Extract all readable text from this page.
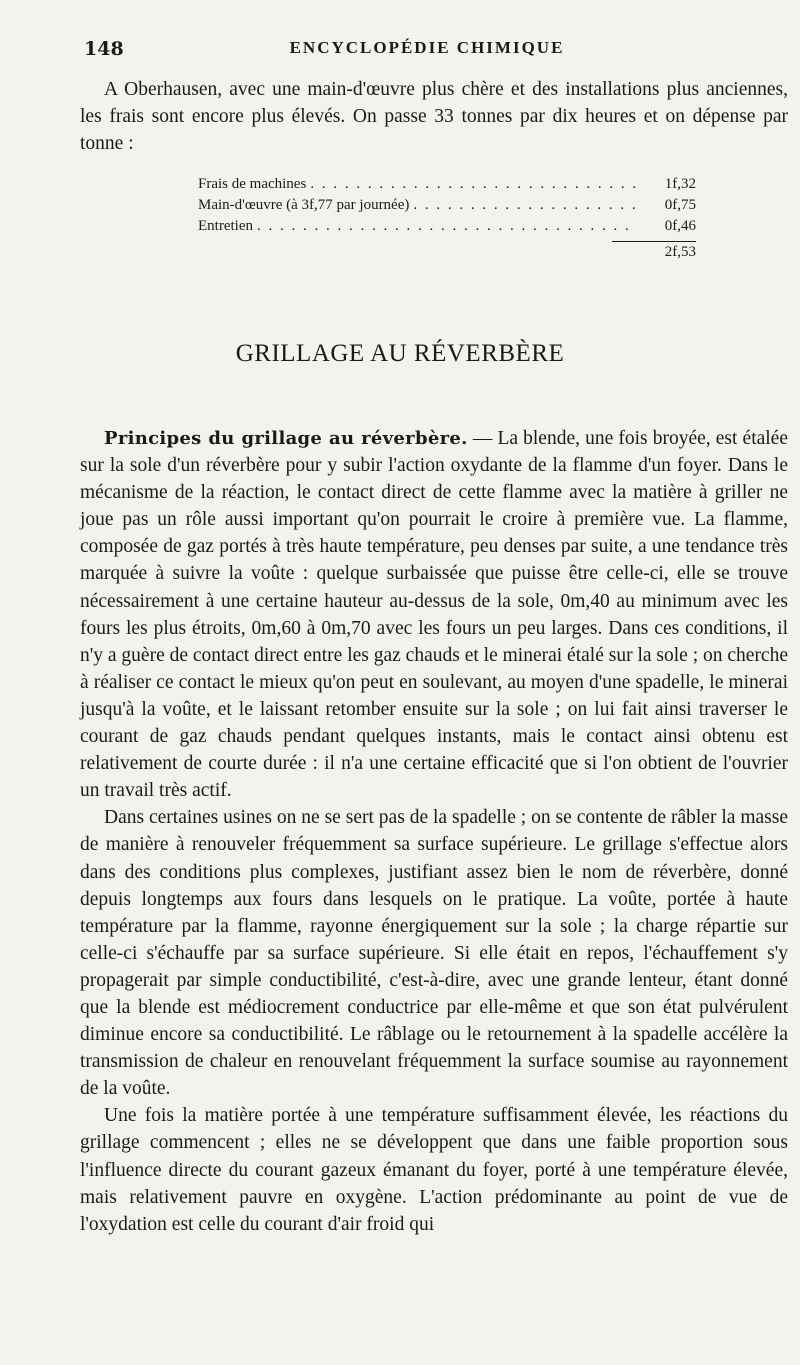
148	ENCYCLOPÉDIE CHIMIQUE

A Oberhausen, avec une main-d'œuvre plus chère et des installations plus anciennes, les frais sont encore plus élevés. On passe 33 tonnes par dix heures et on dépense par tonne :

Frais de machines . . .	1f,32
Main-d'œuvre (à 3f,77 par journée) . . .	0f,75
Entretien . . .	0f,46
2f,53
GRILLAGE AU RÉVERBÈRE

Principes du grillage au réverbère. — La blende, une fois broyée, est étalée sur la sole d'un réverbère pour y subir l'action oxydante de la flamme d'un foyer. Dans le mécanisme de la réaction, le contact direct de cette flamme avec la matière à griller ne joue pas un rôle aussi important qu'on pourrait le croire à première vue. La flamme, composée de gaz portés à très haute température, peu denses par suite, a une tendance très marquée à suivre la voûte : quelque surbaissée que puisse être celle-ci, elle se trouve nécessairement à une certaine hauteur au-dessus de la sole, 0m,40 au minimum avec les fours les plus étroits, 0m,60 à 0m,70 avec les fours un peu larges. Dans ces conditions, il n'y a guère de contact direct entre les gaz chauds et le minerai étalé sur la sole ; on cherche à réaliser ce contact le mieux qu'on peut en soulevant, au moyen d'une spadelle, le minerai jusqu'à la voûte, et le laissant retomber ensuite sur la sole ; on lui fait ainsi traverser le courant de gaz chauds pendant quelques instants, mais le contact ainsi obtenu est relativement de courte durée : il n'a une certaine efficacité que si l'on obtient de l'ouvrier un travail très actif.

Dans certaines usines on ne se sert pas de la spadelle ; on se contente de râbler la masse de manière à renouveler fréquemment sa surface supérieure. Le grillage s'effectue alors dans des conditions plus complexes, justifiant assez bien le nom de réverbère, donné depuis longtemps aux fours dans lesquels on le pratique. La voûte, portée à haute température par la flamme, rayonne énergiquement sur la sole ; la charge répartie sur celle-ci s'échauffe par sa surface supérieure. Si elle était en repos, l'échauffement s'y propagerait par simple conductibilité, c'est-à-dire, avec une grande lenteur, étant donné que la blende est médiocrement conductrice par elle-même et que son état pulvérulent diminue encore sa conductibilité. Le râblage ou le retournement à la spadelle accélère la transmission de chaleur en renouvelant fréquemment la surface soumise au rayonnement de la voûte.

Une fois la matière portée à une température suffisamment élevée, les réactions du grillage commencent ; elles ne se développent que dans une faible proportion sous l'influence directe du courant gazeux émanant du foyer, porté à une température élevée, mais relativement pauvre en oxygène. L'action prédominante au point de vue de l'oxydation est celle du courant d'air froid qui
